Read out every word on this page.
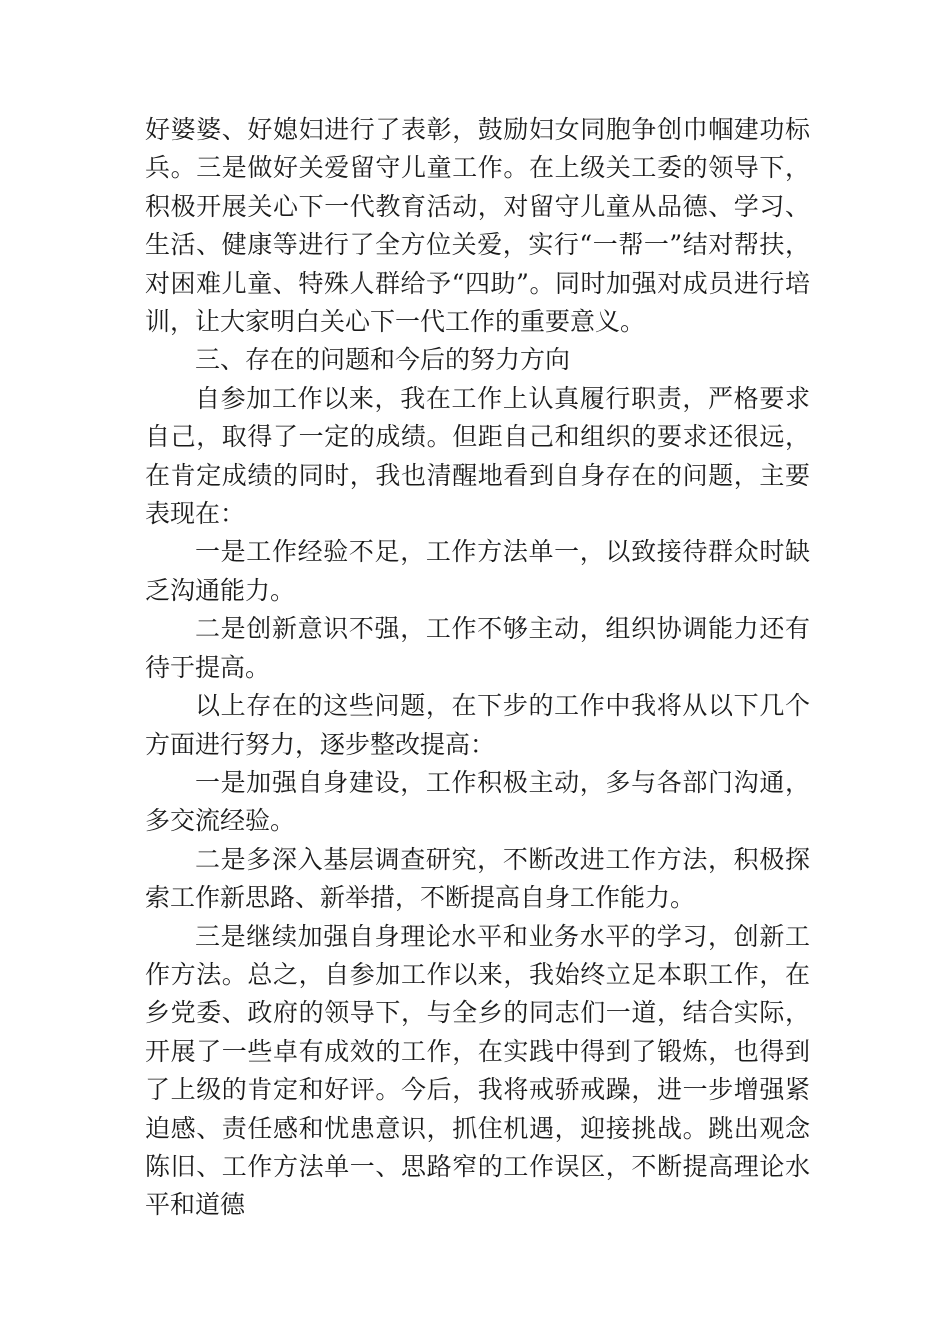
好婆婆、好媳妇进行了表彰，鼓励妇女同胞争创巾帼建功标兵。三是做好关爱留守儿童工作。在上级关工委的领导下，积极开展关心下一代教育活动，对留守儿童从品德、学习、生活、健康等进行了全方位关爱，实行“一帮一”结对帮扶，对困难儿童、特殊人群给予“四助”。同时加强对成员进行培训，让大家明白关心下一代工作的重要意义。

三、存在的问题和今后的努力方向

自参加工作以来，我在工作上认真履行职责，严格要求自己，取得了一定的成绩。但距自己和组织的要求还很远，在肯定成绩的同时，我也清醒地看到自身存在的问题，主要表现在：

一是工作经验不足，工作方法单一，以致接待群众时缺乏沟通能力。

二是创新意识不强，工作不够主动，组织协调能力还有待于提高。

以上存在的这些问题，在下步的工作中我将从以下几个方面进行努力，逐步整改提高：

一是加强自身建设，工作积极主动，多与各部门沟通，多交流经验。

二是多深入基层调查研究，不断改进工作方法，积极探索工作新思路、新举措，不断提高自身工作能力。

三是继续加强自身理论水平和业务水平的学习，创新工作方法。总之，自参加工作以来，我始终立足本职工作，在乡党委、政府的领导下，与全乡的同志们一道，结合实际，开展了一些卓有成效的工作，在实践中得到了锻炼，也得到了上级的肯定和好评。今后，我将戒骄戒躁，进一步增强紧迫感、责任感和忧患意识，抓住机遇，迎接挑战。跳出观念陈旧、工作方法单一、思路窄的工作误区，不断提高理论水平和道德
